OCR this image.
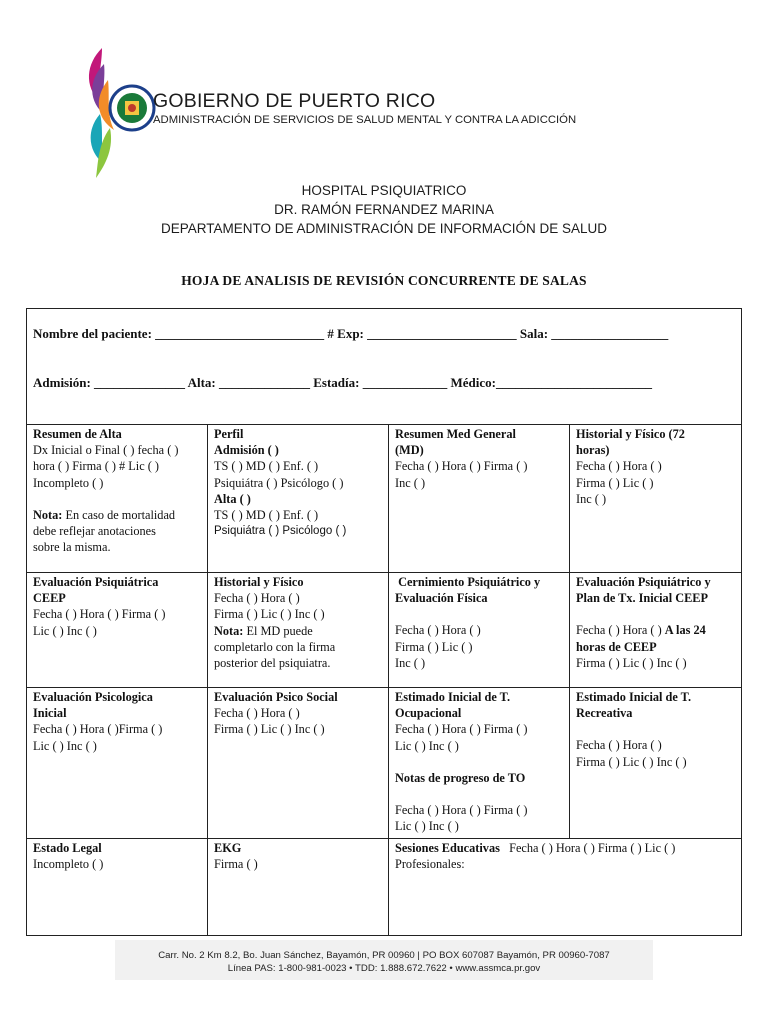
GOBIERNO DE PUERTO RICO
ADMINISTRACIÓN DE SERVICIOS DE SALUD MENTAL Y CONTRA LA ADICCIÓN
HOSPITAL PSIQUIATRICO
DR. RAMÓN FERNANDEZ MARINA
DEPARTAMENTO DE ADMINISTRACIÓN DE INFORMACIÓN DE SALUD
HOJA DE ANALISIS DE REVISIÓN CONCURRENTE DE SALAS
Nombre del paciente: __________________________ # Exp: _______________________ Sala: __________________
Admisión: ______________ Alta: ______________ Estadía: _____________ Médico:________________________
Resumen de Alta
Dx Inicial o Final ( ) fecha ( )
hora ( ) Firma ( ) # Lic ( )
Incompleto ( )
Nota: En caso de mortalidad
debe reflejar anotaciones
sobre la misma.
Perfil
Admisión ( )
TS ( ) MD ( ) Enf. ( )
Psiquiátra ( ) Psicólogo ( )
Alta ( )
TS ( ) MD ( ) Enf. ( )
Psiquiátra ( ) Psicólogo ( )
Resumen Med General
(MD)
Fecha ( ) Hora ( ) Firma ( )
Inc ( )
Historial y Físico (72
horas)
Fecha ( ) Hora ( )
Firma ( ) Lic ( )
Inc ( )
Evaluación Psiquiátrica
CEEP
Fecha ( ) Hora ( ) Firma ( )
Lic ( ) Inc ( )
Historial y Físico
Fecha ( ) Hora ( )
Firma ( ) Lic ( ) Inc ( )
Nota: El MD puede
completarlo con la firma
posterior del psiquiatra.
Cernimiento Psiquiátrico y
Evaluación Física
Fecha ( ) Hora ( )
Firma ( ) Lic ( )
Inc ( )
Evaluación Psiquiátrico y
Plan de Tx. Inicial CEEP
Fecha ( ) Hora ( ) A las 24
horas de CEEP
Firma ( ) Lic ( ) Inc ( )
Evaluación Psicologica
Inicial
Fecha ( ) Hora ( )Firma ( )
Lic ( ) Inc ( )
Evaluación Psico Social
Fecha ( ) Hora ( )
Firma ( ) Lic ( ) Inc ( )
Estimado Inicial de T.
Ocupacional
Fecha ( ) Hora ( ) Firma ( )
Lic ( ) Inc ( )
Notas de progreso de TO
Fecha ( ) Hora ( ) Firma ( )
Lic ( ) Inc ( )
Estimado Inicial de T.
Recreativa
Fecha ( ) Hora ( )
Firma ( ) Lic ( ) Inc ( )
Estado Legal
Incompleto ( )
EKG
Firma ( )
Sesiones Educativas   Fecha ( ) Hora ( ) Firma ( ) Lic ( )
Profesionales:
Carr. No. 2 Km 8.2, Bo. Juan Sánchez, Bayamón, PR 00960 | PO BOX 607087 Bayamón, PR 00960-7087
Línea PAS: 1-800-981-0023 • TDD: 1.888.672.7622 • www.assmca.pr.gov
